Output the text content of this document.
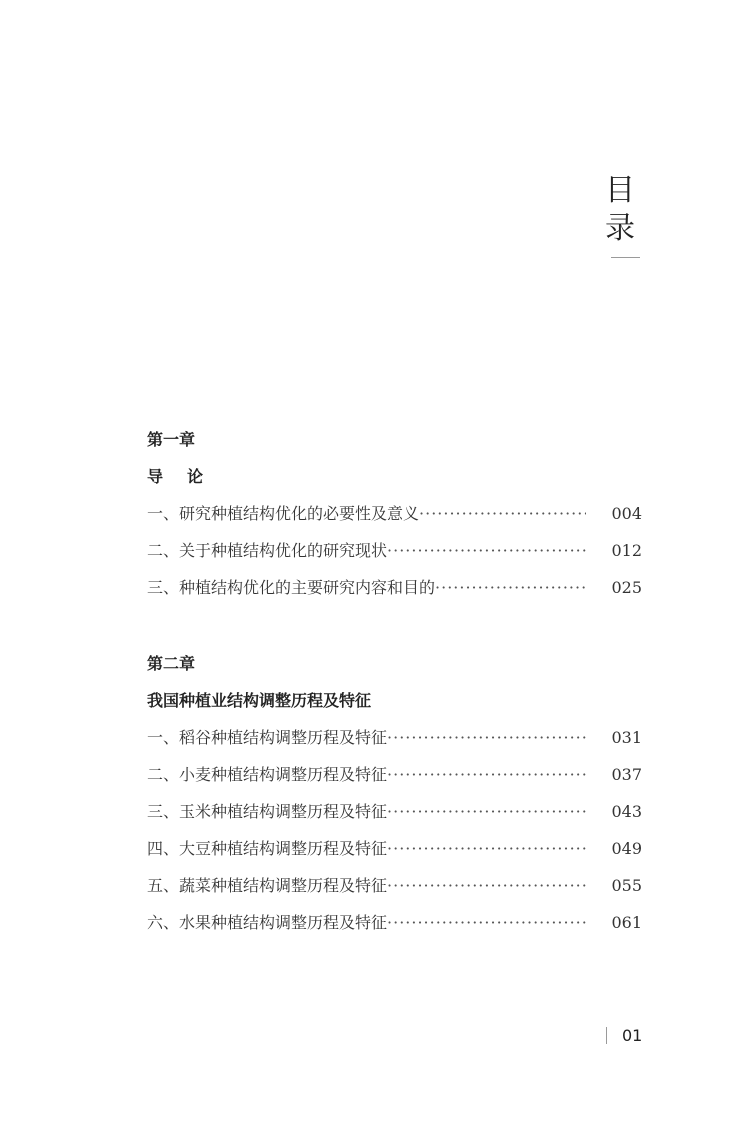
目
录
第一章
导论
一、研究种植结构优化的必要性及意义 ·····	004
二、关于种植结构优化的研究现状 ·····	012
三、种植结构优化的主要研究内容和目的 ·····	025
第二章
我国种植业结构调整历程及特征
一、稻谷种植结构调整历程及特征 ·····	031
二、小麦种植结构调整历程及特征 ·····	037
三、玉米种植结构调整历程及特征 ·····	043
四、大豆种植结构调整历程及特征 ·····	049
五、蔬菜种植结构调整历程及特征 ·····	055
六、水果种植结构调整历程及特征 ·····	061
01
